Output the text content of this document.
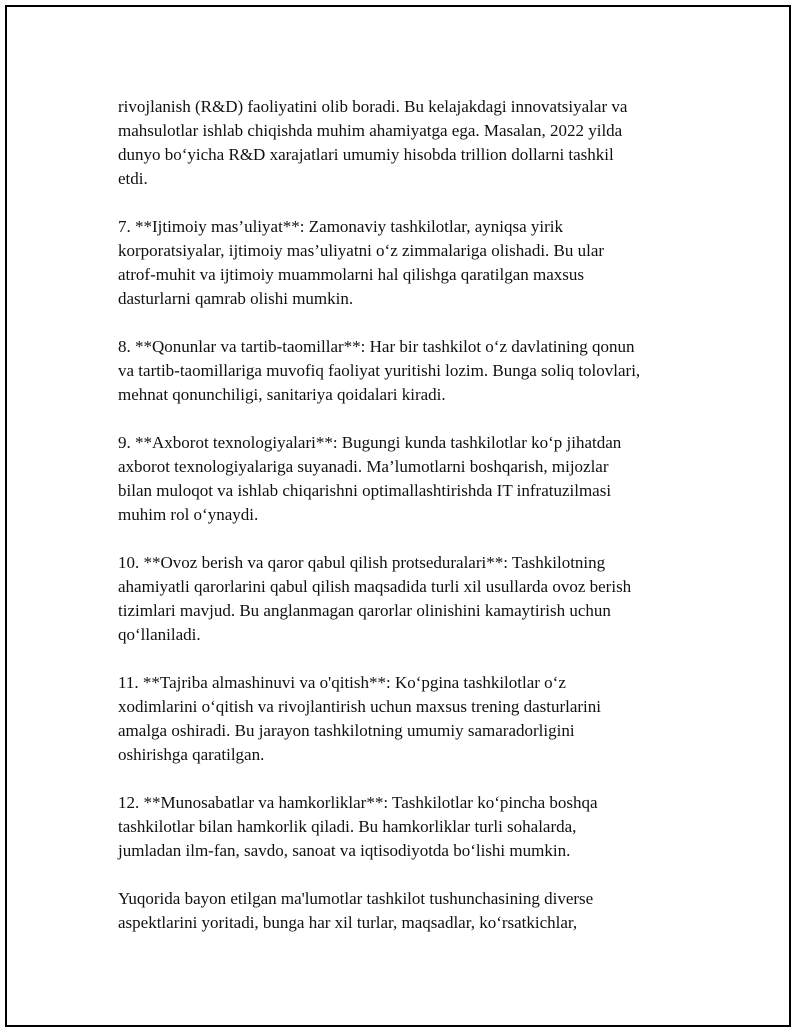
rivojlanish (R&D) faoliyatini olib boradi. Bu kelajakdagi innovatsiyalar va
mahsulotlar ishlab chiqishda muhim ahamiyatga ega. Masalan, 2022 yilda
dunyo bo‘yicha R&D xarajatlari umumiy hisobda trillion dollarni tashkil
etdi.

7. **Ijtimoiy mas’uliyat**: Zamonaviy tashkilotlar, ayniqsa yirik
korporatsiyalar, ijtimoiy mas’uliyatni o‘z zimmalariga olishadi. Bu ular
atrof-muhit va ijtimoiy muammolarni hal qilishga qaratilgan maxsus
dasturlarni qamrab olishi mumkin.

8. **Qonunlar va tartib-taomillar**: Har bir tashkilot o‘z davlatining qonun
va tartib-taomillariga muvofiq faoliyat yuritishi lozim. Bunga soliq tolovlari,
mehnat qonunchiligi, sanitariya qoidalari kiradi.

9. **Axborot texnologiyalari**: Bugungi kunda tashkilotlar ko‘p jihatdan
axborot texnologiyalariga suyanadi. Ma’lumotlarni boshqarish, mijozlar
bilan muloqot va ishlab chiqarishni optimallashtirishda IT infratuzilmasi
muhim rol o‘ynaydi.

10. **Ovoz berish va qaror qabul qilish protseduralari**: Tashkilotning
ahamiyatli qarorlarini qabul qilish maqsadida turli xil usullarda ovoz berish
tizimlari mavjud. Bu anglanmagan qarorlar olinishini kamaytirish uchun
qo‘llaniladi.

11. **Tajriba almashinuvi va o'qitish**: Ko‘pgina tashkilotlar o‘z
xodimlarini o‘qitish va rivojlantirish uchun maxsus trening dasturlarini
amalga oshiradi. Bu jarayon tashkilotning umumiy samaradorligini
oshirishga qaratilgan.

12. **Munosabatlar va hamkorliklar**: Tashkilotlar ko‘pincha boshqa
tashkilotlar bilan hamkorlik qiladi. Bu hamkorliklar turli sohalarda,
jumladan ilm-fan, savdo, sanoat va iqtisodiyotda bo‘lishi mumkin.

Yuqorida bayon etilgan ma'lumotlar tashkilot tushunchasining diverse
aspektlarini yoritadi, bunga har xil turlar, maqsadlar, ko‘rsatkichlar,
